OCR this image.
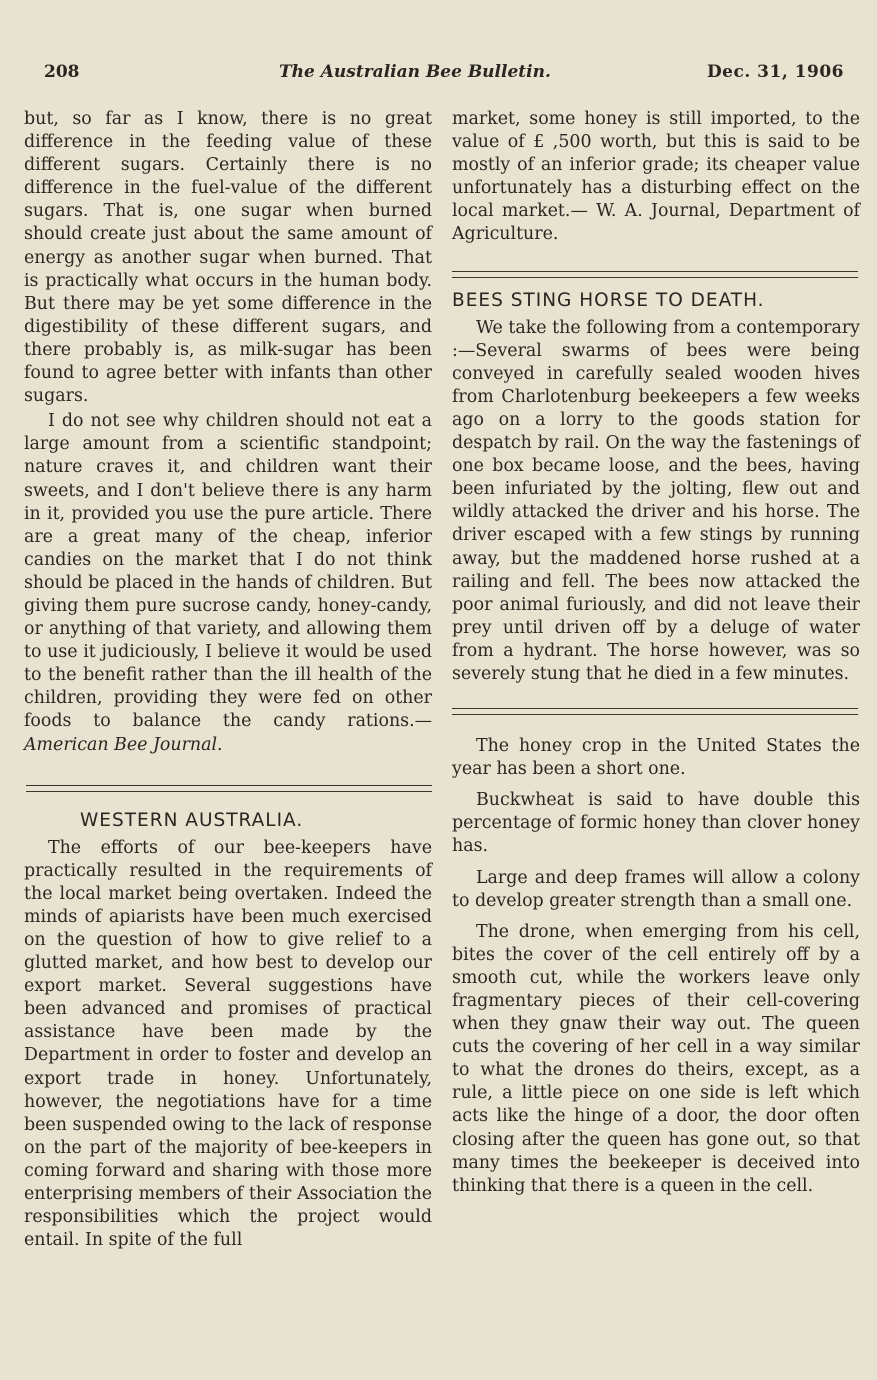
208	The Australian Bee Bulletin.	Dec. 31, 1906

but, so far as I know, there is no great difference in the feeding value of these different sugars. Certainly there is no difference in the fuel-value of the different sugars. That is, one sugar when burned should create just about the same amount of energy as another sugar when burned. That is practically what occurs in the human body. But there may be yet some difference in the digestibility of these different sugars, and there probably is, as milk-sugar has been found to agree better with infants than other sugars.

I do not see why children should not eat a large amount from a scientific standpoint; nature craves it, and children want their sweets, and I don't believe there is any harm in it, provided you use the pure article. There are a great many of the cheap, inferior candies on the market that I do not think should be placed in the hands of children. But giving them pure sucrose candy, honey-candy, or anything of that variety, and allowing them to use it judiciously, I believe it would be used to the benefit rather than the ill health of the children, providing they were fed on other foods to balance the candy rations.—American Bee Journal.

WESTERN AUSTRALIA.

The efforts of our bee-keepers have practically resulted in the requirements of the local market being overtaken. Indeed the minds of apiarists have been much exercised on the question of how to give relief to a glutted market, and how best to develop our export market. Several suggestions have been advanced and promises of practical assistance have been made by the Department in order to foster and develop an export trade in honey. Unfortunately, however, the negotiations have for a time been suspended owing to the lack of response on the part of the majority of bee-keepers in coming forward and sharing with those more enterprising members of their Association the responsibilities which the project would entail. In spite of the full

market, some honey is still imported, to the value of £ ,500 worth, but this is said to be mostly of an inferior grade; its cheaper value unfortunately has a disturbing effect on the local market.— W. A. Journal, Department of Agriculture.

BEES STING HORSE TO DEATH.

We take the following from a contemporary :—Several swarms of bees were being conveyed in carefully sealed wooden hives from Charlotenburg beekeepers a few weeks ago on a lorry to the goods station for despatch by rail. On the way the fastenings of one box became loose, and the bees, having been infuriated by the jolting, flew out and wildly attacked the driver and his horse. The driver escaped with a few stings by running away, but the maddened horse rushed at a railing and fell. The bees now attacked the poor animal furiously, and did not leave their prey until driven off by a deluge of water from a hydrant. The horse however, was so severely stung that he died in a few minutes.

The honey crop in the United States the year has been a short one.

Buckwheat is said to have double this percentage of formic honey than clover honey has.

Large and deep frames will allow a colony to develop greater strength than a small one.

The drone, when emerging from his cell, bites the cover of the cell entirely off by a smooth cut, while the workers leave only fragmentary pieces of their cell-covering when they gnaw their way out. The queen cuts the covering of her cell in a way similar to what the drones do theirs, except, as a rule, a little piece on one side is left which acts like the hinge of a door, the door often closing after the queen has gone out, so that many times the beekeeper is deceived into thinking that there is a queen in the cell.
